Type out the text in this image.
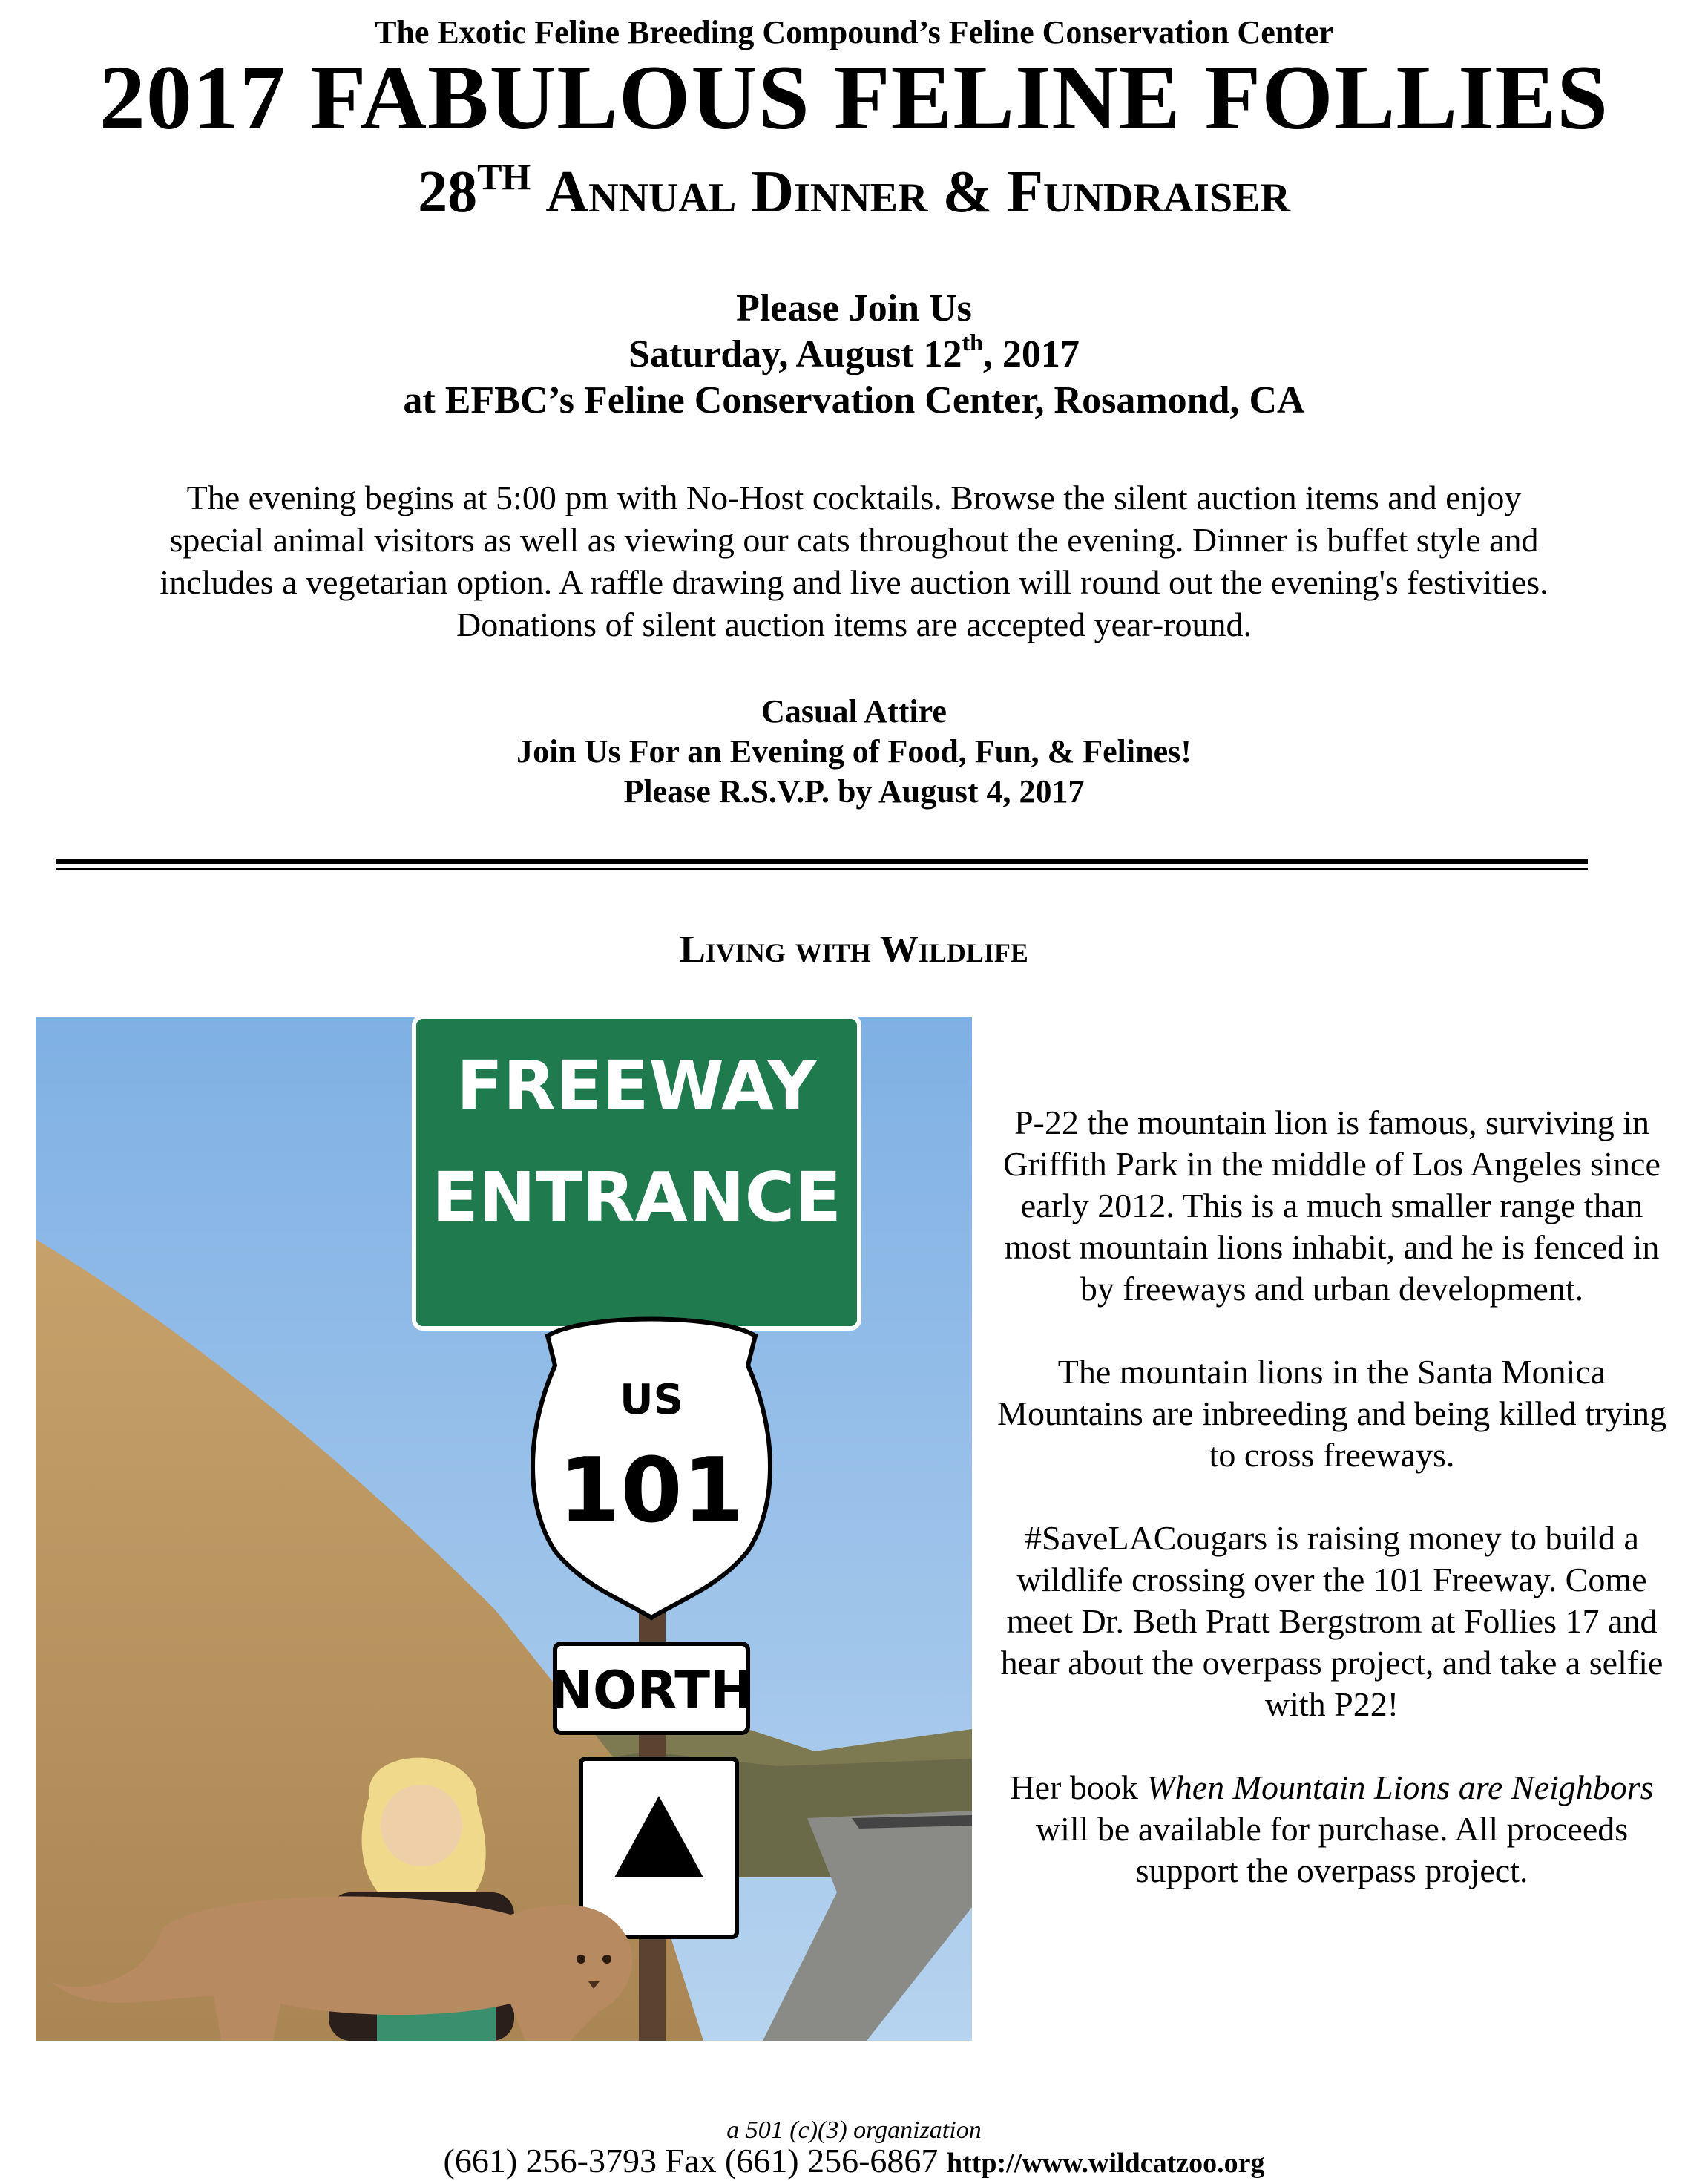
The Exotic Feline Breeding Compound’s Feline Conservation Center
2017 FABULOUS FELINE FOLLIES
28TH Annual Dinner & Fundraiser
Please Join Us
Saturday, August 12th, 2017
at EFBC’s Feline Conservation Center, Rosamond, CA
The evening begins at 5:00 pm with No-Host cocktails. Browse the silent auction items and enjoy
special animal visitors as well as viewing our cats throughout the evening. Dinner is buffet style and
includes a vegetarian option. A raffle drawing and live auction will round out the evening's festivities.
Donations of silent auction items are accepted year-round.
Casual Attire
Join Us For an Evening of Food, Fun, & Felines!
Please R.S.V.P. by August 4, 2017
Living with Wildlife
FREEWAY
ENTRANCE
US
101
NORTH

P-22 the mountain lion is famous, surviving in Griffith Park in the middle of Los Angeles since early 2012. This is a much smaller range than most mountain lions inhabit, and he is fenced in by freeways and urban development.

The mountain lions in the Santa Monica Mountains are inbreeding and being killed trying to cross freeways.

#SaveLACougars is raising money to build a wildlife crossing over the 101 Freeway. Come meet Dr. Beth Pratt Bergstrom at Follies 17 and hear about the overpass project, and take a selfie with P22!

Her book When Mountain Lions are Neighbors will be available for purchase. All proceeds support the overpass project.

a 501 (c)(3) organization
(661) 256-3793 Fax (661) 256-6867 http://www.wildcatzoo.org
